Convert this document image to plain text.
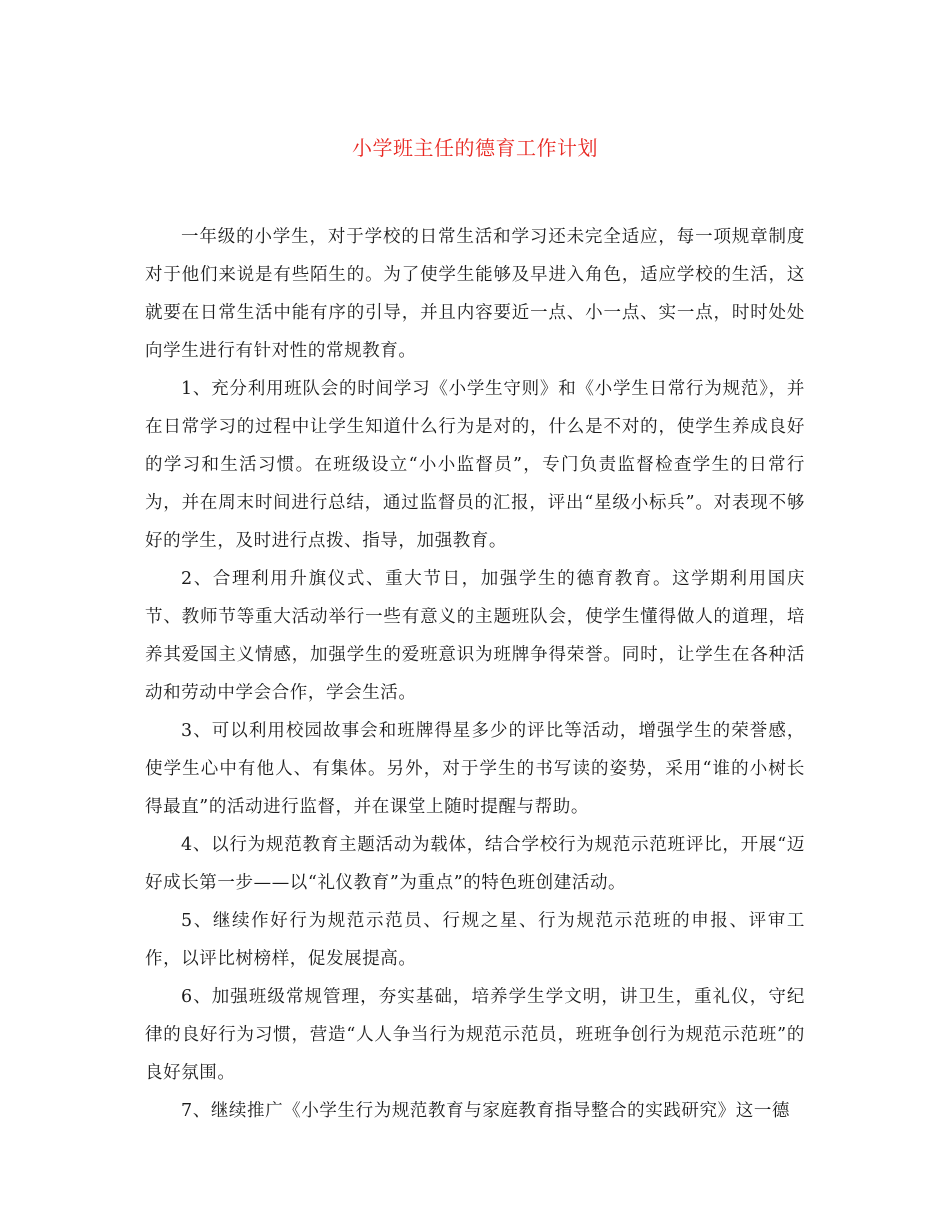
小学班主任的德育工作计划

一年级的小学生，对于学校的日常生活和学习还未完全适应，每一项规章制度对于他们来说是有些陌生的。为了使学生能够及早进入角色，适应学校的生活，这就要在日常生活中能有序的引导，并且内容要近一点、小一点、实一点，时时处处向学生进行有针对性的常规教育。

1、充分利用班队会的时间学习《小学生守则》和《小学生日常行为规范》，并在日常学习的过程中让学生知道什么行为是对的，什么是不对的，使学生养成良好的学习和生活习惯。在班级设立“小小监督员”，专门负责监督检查学生的日常行为，并在周末时间进行总结，通过监督员的汇报，评出“星级小标兵”。对表现不够好的学生，及时进行点拨、指导，加强教育。

2、合理利用升旗仪式、重大节日，加强学生的德育教育。这学期利用国庆节、教师节等重大活动举行一些有意义的主题班队会，使学生懂得做人的道理，培养其爱国主义情感，加强学生的爱班意识为班牌争得荣誉。同时，让学生在各种活动和劳动中学会合作，学会生活。

3、可以利用校园故事会和班牌得星多少的评比等活动，增强学生的荣誉感，使学生心中有他人、有集体。另外，对于学生的书写读的姿势，采用“谁的小树长得最直”的活动进行监督，并在课堂上随时提醒与帮助。

4、以行为规范教育主题活动为载体，结合学校行为规范示范班评比，开展“迈好成长第一步——以“礼仪教育”为重点”的特色班创建活动。

5、继续作好行为规范示范员、行规之星、行为规范示范班的申报、评审工作，以评比树榜样，促发展提高。

6、加强班级常规管理，夯实基础，培养学生学文明，讲卫生，重礼仪，守纪律的良好行为习惯，营造“人人争当行为规范示范员，班班争创行为规范示范班”的良好氛围。

7、继续推广《小学生行为规范教育与家庭教育指导整合的实践研究》这一德
